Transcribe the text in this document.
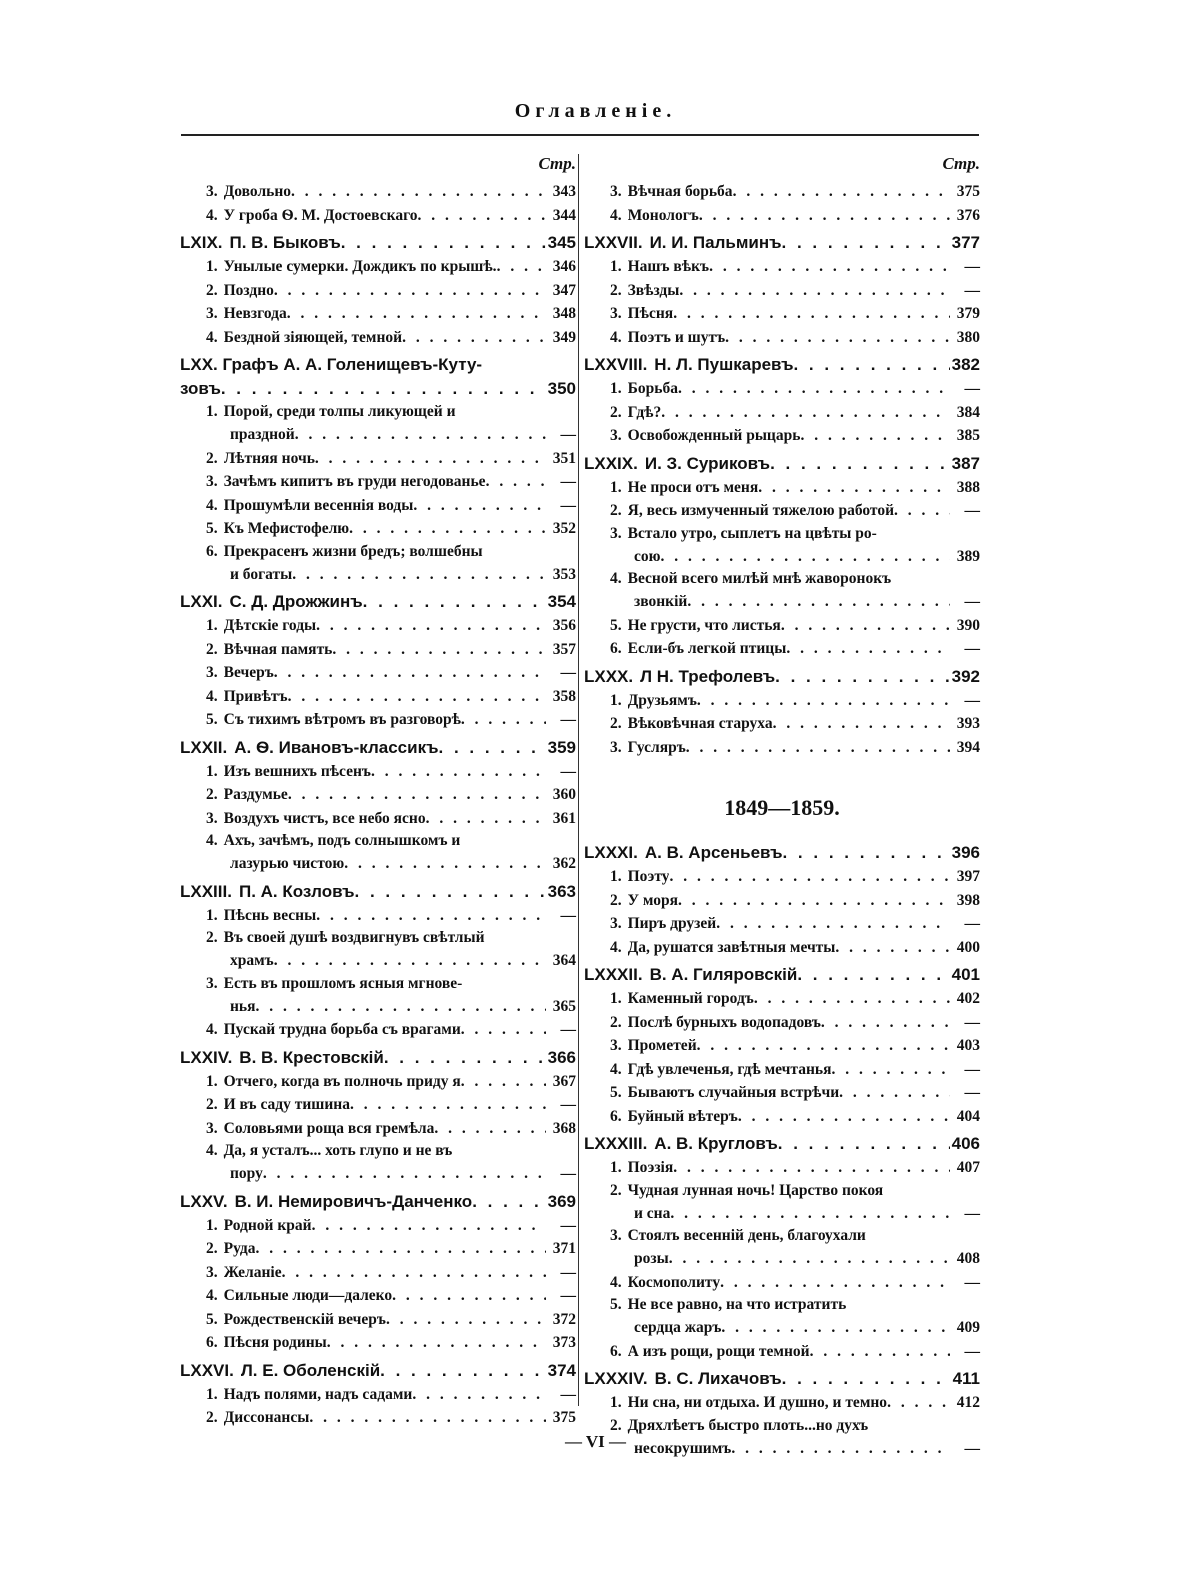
Оглавленiе.
Стр.
3. Довольно . . .	343
4. У гроба Ѳ. М. Достоевскаго . . .	344
LXIX. П. В. Быковъ . . .	345
1. Унылые сумерки. Дождикъ по крышѣ. . . .	346
2. Поздно . . .	347
3. Невзгода . . .	348
4. Бездной зiяющей, темной . . .	349
LXX. Графъ А. А. Голенищевъ-Куту-
зовъ . . .	350
1. Порой, среди толпы ликующей и
праздной . . .	—
2. Лѣтняя ночь . . .	351
3. Зачѣмъ кипитъ въ груди негодованье . . .	—
4. Прошумѣли весеннiя воды . . .	—
5. Къ Мефистофелю . . .	352
6. Прекрасенъ жизни бредъ; волшебны
и богаты . . .	353
LXXI. С. Д. Дрожжинъ . . .	354
1. Дѣтскiе годы . . .	356
2. Вѣчная память . . .	357
3. Вечеръ . . .	—
4. Привѣтъ . . .	358
5. Съ тихимъ вѣтромъ въ разговорѣ . . .	—
LXXII. А. Ѳ. Ивановъ-классикъ . . .	359
1. Изъ вешнихъ пѣсенъ . . .	—
2. Раздумье . . .	360
3. Воздухъ чистъ, все небо ясно . . .	361
4. Ахъ, зачѣмъ, подъ солнышкомъ и
лазурью чистою . . .	362
LXXIII. П. А. Козловъ . . .	363
1. Пѣснь весны . . .	—
2. Въ своей душѣ воздвигнувъ свѣтлый
храмъ . . .	364
3. Есть въ прошломъ ясныя мгнове-
нья . . .	365
4. Пускай трудна борьба съ врагами . . .	—
LXXIV. В. В. Крестовскiй . . .	366
1. Отчего, когда въ полночь приду я . . .	367
2. И въ саду тишина . . .	—
3. Соловьями роща вся гремѣла . . .	368
4. Да, я усталъ... хоть глупо и не въ
пору . . .	—
LXXV. В. И. Немировичъ-Данченко . . .	369
1. Родной край . . .	—
2. Руда . . .	371
3. Желанiе . . .	—
4. Сильные люди—далеко . . .	—
5. Рождественскiй вечеръ . . .	372
6. Пѣсня родины . . .	373
LXXVI. Л. Е. Оболенскiй . . .	374
1. Надъ полями, надъ садами . . .	—
2. Диссонансы . . .	375
Стр.
3. Вѣчная борьба . . .	375
4. Монологъ . . .	376
LXXVII. И. И. Пальминъ . . .	377
1. Нашъ вѣкъ . . .	—
2. Звѣзды . . .	—
3. Пѣсня . . .	379
4. Поэтъ и шутъ . . .	380
LXXVIII. Н. Л. Пушкаревъ . . .	382
1. Борьба . . .	—
2. Гдѣ? . . .	384
3. Освобожденный рыцарь . . .	385
LXXIX. И. З. Суриковъ . . .	387
1. Не проси отъ меня . . .	388
2. Я, весь измученный тяжелою работой . . .	—
3. Встало утро, сыплетъ на цвѣты ро-
сою . . .	389
4. Весной всего милѣй мнѣ жаворонокъ
звонкiй . . .	—
5. Не грусти, что листья . . .	390
6. Если-бъ легкой птицы . . .	—
LXXX. Л Н. Трефолевъ . . .	392
1. Друзьямъ . . .	—
2. Вѣковѣчная старуха . . .	393
3. Гусляръ . . .	394
1849—1859.
LXXXI. А. В. Арсеньевъ . . .	396
1. Поэту . . .	397
2. У моря . . .	398
3. Пиръ друзей . . .	—
4. Да, рушатся завѣтныя мечты . . .	400
LXXXII. В. А. Гиляровскiй . . .	401
1. Каменный городъ . . .	402
2. Послѣ бурныхъ водопадовъ . . .	—
3. Прометей . . .	403
4. Гдѣ увлеченья, гдѣ мечтанья . . .	—
5. Бываютъ случайныя встрѣчи . . .	—
6. Буйный вѣтеръ . . .	404
LXXXIII. А. В. Кругловъ . . .	406
1. Поэзiя . . .	407
2. Чудная лунная ночь! Царство покоя
и сна . . .	—
3. Стоялъ весеннiй день, благоухали
розы . . .	408
4. Космополиту . . .	—
5. Не все равно, на что истратить
сердца жаръ . . .	409
6. А изъ рощи, рощи темной . . .	—
LXXXIV. В. С. Лихачовъ . . .	411
1. Ни сна, ни отдыха. И душно, и темно . . .	412
2. Дряхлѣетъ быстро плоть...но духъ
несокрушимъ . . .	—
— VI —
